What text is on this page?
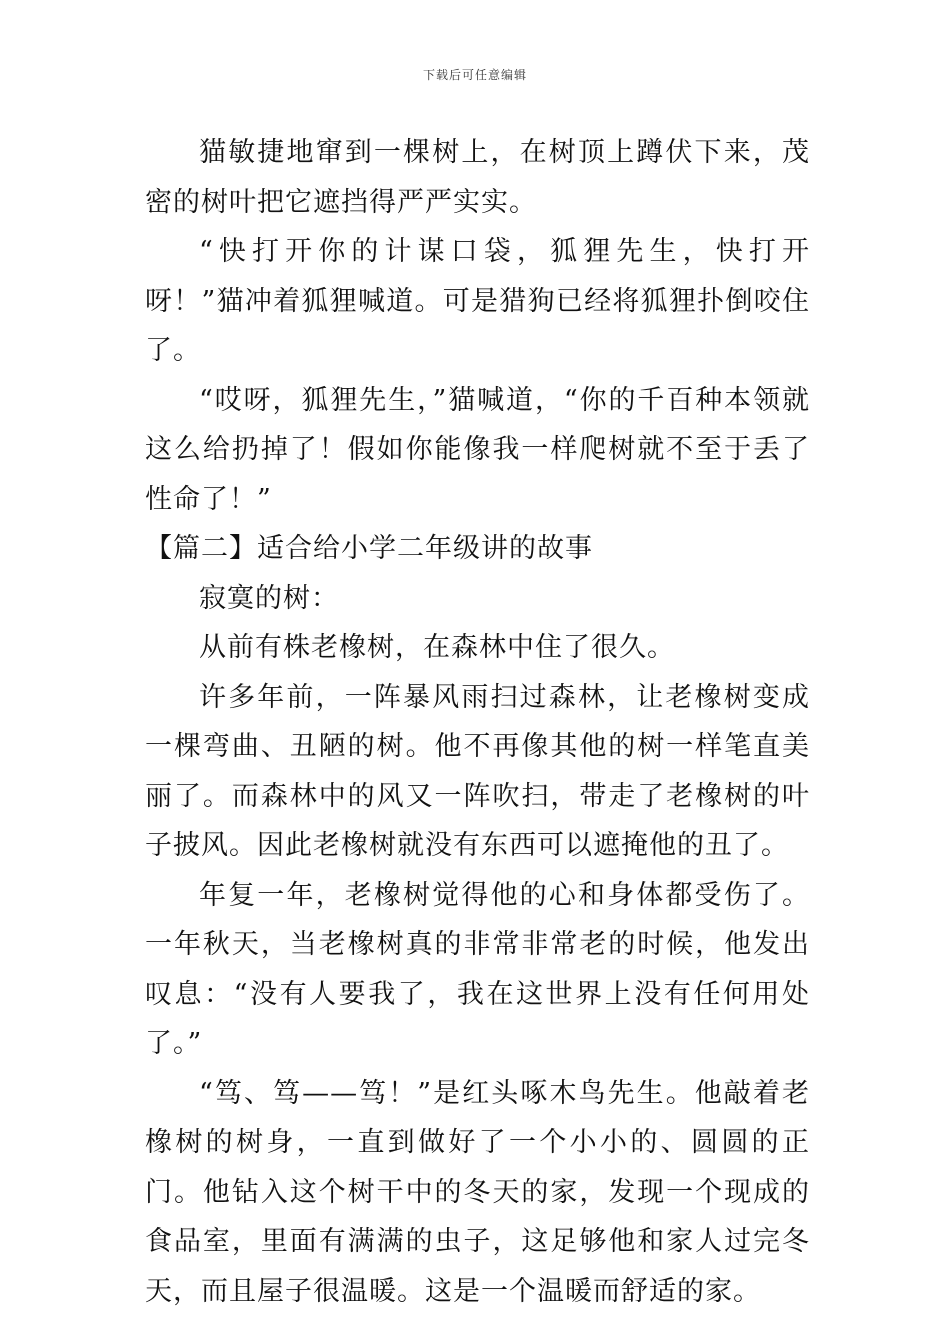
下载后可任意编辑

猫敏捷地窜到一棵树上，在树顶上蹲伏下来，茂密的树叶把它遮挡得严严实实。

“快打开你的计谋口袋，狐狸先生，快打开呀！”猫冲着狐狸喊道。可是猎狗已经将狐狸扑倒咬住了。

“哎呀，狐狸先生，”猫喊道，“你的千百种本领就这么给扔掉了！假如你能像我一样爬树就不至于丢了性命了！”

【篇二】适合给小学二年级讲的故事

寂寞的树：

从前有株老橡树，在森林中住了很久。

许多年前，一阵暴风雨扫过森林，让老橡树变成一棵弯曲、丑陋的树。他不再像其他的树一样笔直美丽了。而森林中的风又一阵吹扫，带走了老橡树的叶子披风。因此老橡树就没有东西可以遮掩他的丑了。

年复一年，老橡树觉得他的心和身体都受伤了。一年秋天，当老橡树真的非常非常老的时候，他发出叹息：“没有人要我了，我在这世界上没有任何用处了。”

“笃、笃——笃！”是红头啄木鸟先生。他敲着老橡树的树身，一直到做好了一个小小的、圆圆的正门。他钻入这个树干中的冬天的家，发现一个现成的食品室，里面有满满的虫子，这足够他和家人过完冬天，而且屋子很温暖。这是一个温暖而舒适的家。
